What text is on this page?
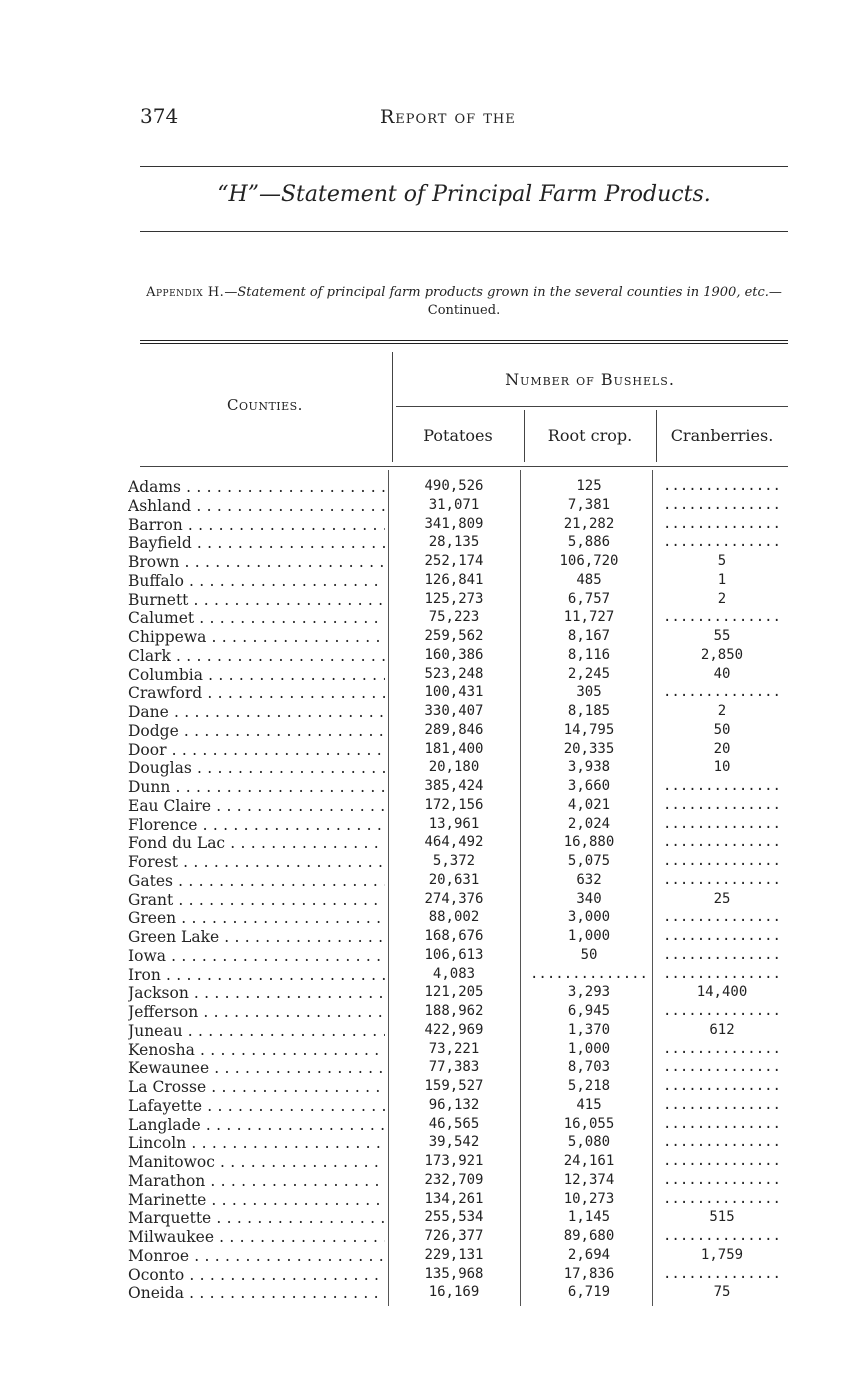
374	Report of the
“H”—Statement of Principal Farm Products.
Appendix H.—Statement of principal farm products grown in the several counties in 1900, etc.—Continued.
Counties.
Number of Bushels.
Potatoes	Root crop.	Cranberries.
Adams . . .	490,526	125	..............
Ashland . . .	31,071	7,381	..............
Barron . . .	341,809	21,282	..............
Bayfield . . .	28,135	5,886	..............
Brown . . .	252,174	106,720	5
Buffalo . . .	126,841	485	1
Burnett . . .	125,273	6,757	2
Calumet . . .	75,223	11,727	..............
Chippewa . . .	259,562	8,167	55
Clark . . .	160,386	8,116	2,850
Columbia . . .	523,248	2,245	40
Crawford . . .	100,431	305	..............
Dane . . .	330,407	8,185	2
Dodge . . .	289,846	14,795	50
Door . . .	181,400	20,335	20
Douglas . . .	20,180	3,938	10
Dunn . . .	385,424	3,660	..............
Eau Claire . . .	172,156	4,021	..............
Florence . . .	13,961	2,024	..............
Fond du Lac . . .	464,492	16,880	..............
Forest . . .	5,372	5,075	..............
Gates . . .	20,631	632	..............
Grant . . .	274,376	340	25
Green . . .	88,002	3,000	..............
Green Lake . . .	168,676	1,000	..............
Iowa . . .	106,613	50	..............
Iron . . .	4,083	..............	..............
Jackson . . .	121,205	3,293	14,400
Jefferson . . .	188,962	6,945	..............
Juneau . . .	422,969	1,370	612
Kenosha . . .	73,221	1,000	..............
Kewaunee . . .	77,383	8,703	..............
La Crosse . . .	159,527	5,218	..............
Lafayette . . .	96,132	415	..............
Langlade . . .	46,565	16,055	..............
Lincoln . . .	39,542	5,080	..............
Manitowoc . . .	173,921	24,161	..............
Marathon . . .	232,709	12,374	..............
Marinette . . .	134,261	10,273	..............
Marquette . . .	255,534	1,145	515
Milwaukee . . .	726,377	89,680	..............
Monroe . . .	229,131	2,694	1,759
Oconto . . .	135,968	17,836	..............
Oneida . . .	16,169	6,719	75
